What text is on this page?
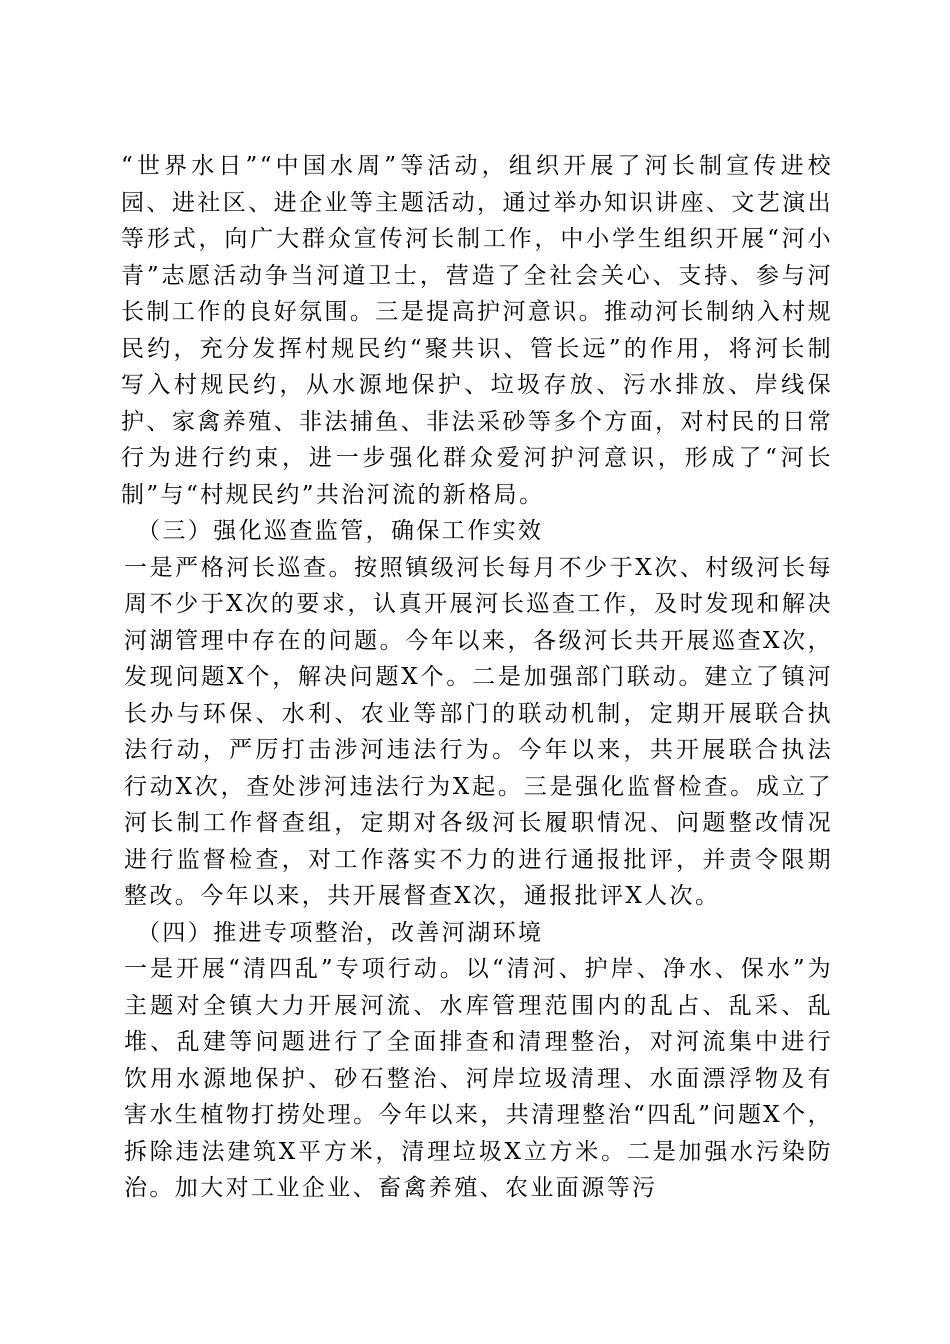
“世界水日”“中国水周”等活动，组织开展了河长制宣传进校园、进社区、进企业等主题活动，通过举办知识讲座、文艺演出等形式，向广大群众宣传河长制工作，中小学生组织开展“河小青”志愿活动争当河道卫士，营造了全社会关心、支持、参与河长制工作的良好氛围。三是提高护河意识。推动河长制纳入村规民约，充分发挥村规民约“聚共识、管长远”的作用，将河长制写入村规民约，从水源地保护、垃圾存放、污水排放、岸线保护、家禽养殖、非法捕鱼、非法采砂等多个方面，对村民的日常行为进行约束，进一步强化群众爱河护河意识，形成了“河长制”与“村规民约”共治河流的新格局。

（三）强化巡查监管，确保工作实效

一是严格河长巡查。按照镇级河长每月不少于X次、村级河长每周不少于X次的要求，认真开展河长巡查工作，及时发现和解决河湖管理中存在的问题。今年以来，各级河长共开展巡查X次，发现问题X个，解决问题X个。二是加强部门联动。建立了镇河长办与环保、水利、农业等部门的联动机制，定期开展联合执法行动，严厉打击涉河违法行为。今年以来，共开展联合执法行动X次，查处涉河违法行为X起。三是强化监督检查。成立了河长制工作督查组，定期对各级河长履职情况、问题整改情况进行监督检查，对工作落实不力的进行通报批评，并责令限期整改。今年以来，共开展督查X次，通报批评X人次。

（四）推进专项整治，改善河湖环境

一是开展“清四乱”专项行动。以“清河、护岸、净水、保水”为主题对全镇大力开展河流、水库管理范围内的乱占、乱采、乱堆、乱建等问题进行了全面排查和清理整治，对河流集中进行饮用水源地保护、砂石整治、河岸垃圾清理、水面漂浮物及有害水生植物打捞处理。今年以来，共清理整治“四乱”问题X个，拆除违法建筑X平方米，清理垃圾X立方米。二是加强水污染防治。加大对工业企业、畜禽养殖、农业面源等污
